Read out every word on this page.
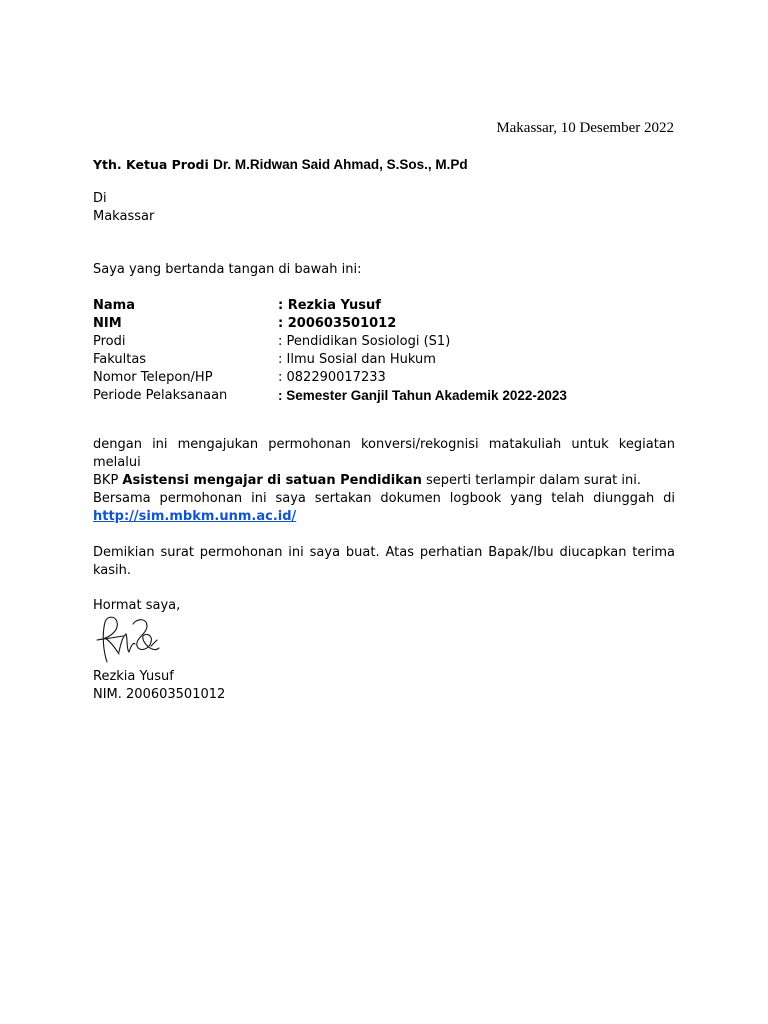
Makassar, 10 Desember 2022
Yth. Ketua Prodi Dr. M.Ridwan Said Ahmad, S.Sos., M.Pd
Di
Makassar
Saya yang bertanda tangan di bawah ini:
Nama	: Rezkia Yusuf
NIM	: 200603501012
Prodi	: Pendidikan Sosiologi (S1)
Fakultas	: Ilmu Sosial dan Hukum
Nomor Telepon/HP	: 082290017233
Periode Pelaksanaan	: Semester Ganjil Tahun Akademik 2022-2023
dengan ini mengajukan permohonan konversi/rekognisi matakuliah untuk kegiatan melalui
BKP Asistensi mengajar di satuan Pendidikan seperti terlampir dalam surat ini.
Bersama permohonan ini saya sertakan dokumen logbook yang telah diunggah di
http://sim.mbkm.unm.ac.id/
Demikian surat permohonan ini saya buat. Atas perhatian Bapak/Ibu diucapkan terima
kasih.
Hormat saya,
Rezkia Yusuf
NIM. 200603501012
